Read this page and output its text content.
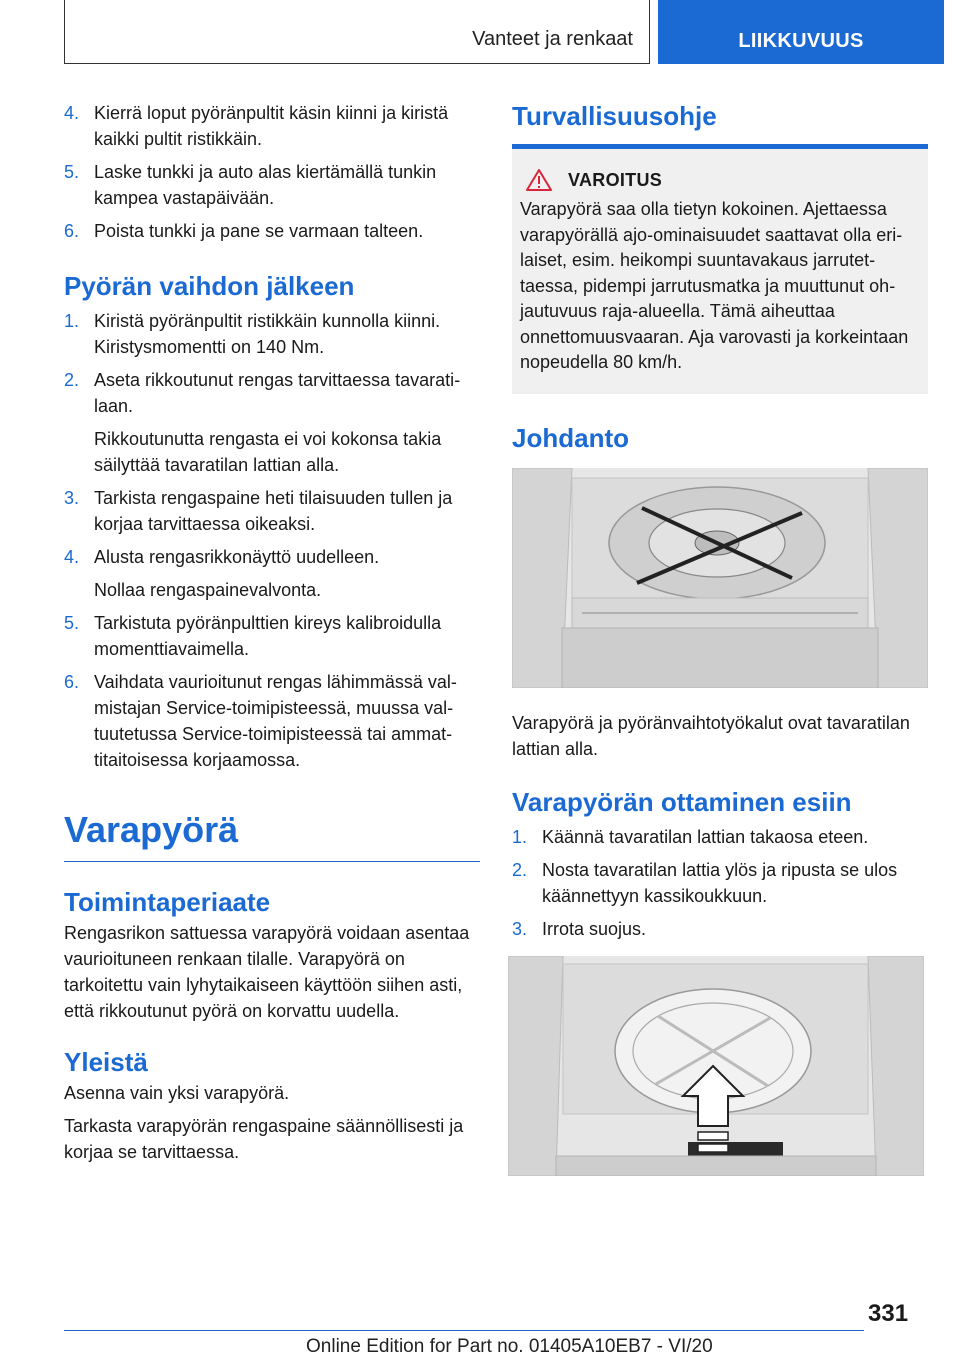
Vanteet ja renkaat	LIIKKUVUUS
4. Kierrä loput pyöränpultit käsin kiinni ja kiristä kaikki pultit ristikkäin.
5. Laske tunkki ja auto alas kiertämällä tunkin kampea vastapäivään.
6. Poista tunkki ja pane se varmaan talteen.
Pyörän vaihdon jälkeen
1. Kiristä pyöränpultit ristikkäin kunnolla kiinni. Kiristysmomentti on 140 Nm.
2. Aseta rikkoutunut rengas tarvittaessa tavaratilaan.
Rikkoutunutta rengasta ei voi kokonsa takia säilyttää tavaratilan lattian alla.
3. Tarkista rengaspaine heti tilaisuuden tullen ja korjaa tarvittaessa oikeaksi.
4. Alusta rengasrikkonäyttö uudelleen.
Nollaa rengaspainevalvonta.
5. Tarkistuta pyöränpulttien kireys kalibroidulla momenttiavaimella.
6. Vaihdata vaurioitunut rengas lähimmässä valmistajan Service-toimipisteessä, muussa valtuutetussa Service-toimipisteessä tai ammattitaitoisessa korjaamossa.
Varapyörä
Toimintaperiaate

Rengasrikon sattuessa varapyörä voidaan asentaa vaurioituneen renkaan tilalle. Varapyörä on tarkoitettu vain lyhytaikaiseen käyttöön siihen asti, että rikkoutunut pyörä on korvattu uudella.

Yleistä

Asenna vain yksi varapyörä.

Tarkasta varapyörän rengaspaine säännöllisesti ja korjaa se tarvittaessa.

Turvallisuusohje
VAROITUS

Varapyörä saa olla tietyn kokoinen. Ajettaessa varapyörällä ajo-ominaisuudet saattavat olla erilaiset, esim. heikompi suuntavakaus jarrutettaessa, pidempi jarrutusmatka ja muuttunut ohjautuvuus raja-alueella. Tämä aiheuttaa onnettomuusvaaran. Aja varovasti ja korkeintaan nopeudella 80 km/h.

Johdanto

Varapyörä ja pyöränvaihtotyökalut ovat tavaratilan lattian alla.

Varapyörän ottaminen esiin
1. Käännä tavaratilan lattian takaosa eteen.
2. Nosta tavaratilan lattia ylös ja ripusta se ulos käännettyyn kassikoukkuun.
3. Irrota suojus.
331
Online Edition for Part no. 01405A10EB7 - VI/20
